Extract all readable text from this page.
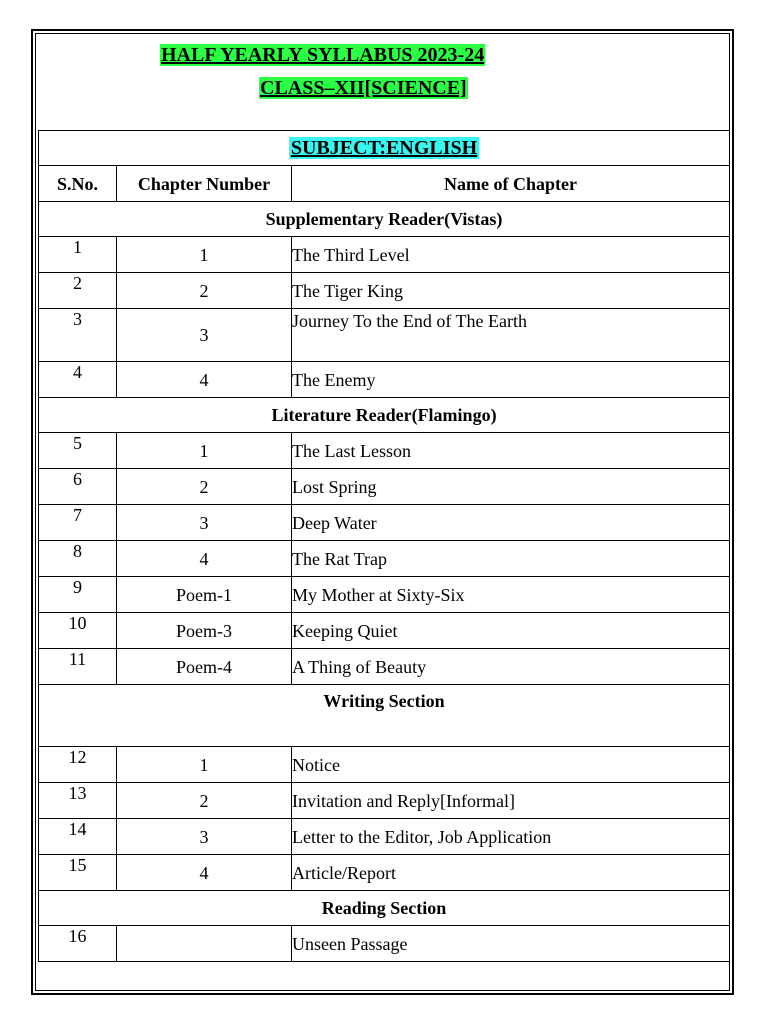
HALF YEARLY SYLLABUS 2023-24
CLASS–XII[SCIENCE]
SUBJECT:ENGLISH		
S.No.	Chapter Number	Name of Chapter
Supplementary Reader(Vistas)		
1	1	The Third Level
2	2	The Tiger King
3	3	Journey To the End of The Earth
4	4	The Enemy
Literature Reader(Flamingo)		
5	1	The Last Lesson
6	2	Lost Spring
7	3	Deep Water
8	4	The Rat Trap
9	Poem-1	My Mother at Sixty-Six
10	Poem-3	Keeping Quiet
11	Poem-4	A Thing of Beauty
Writing Section		
12	1	Notice
13	2	Invitation and Reply[Informal]
14	3	Letter to the Editor, Job Application
15	4	Article/Report
Reading Section		
16		Unseen Passage
